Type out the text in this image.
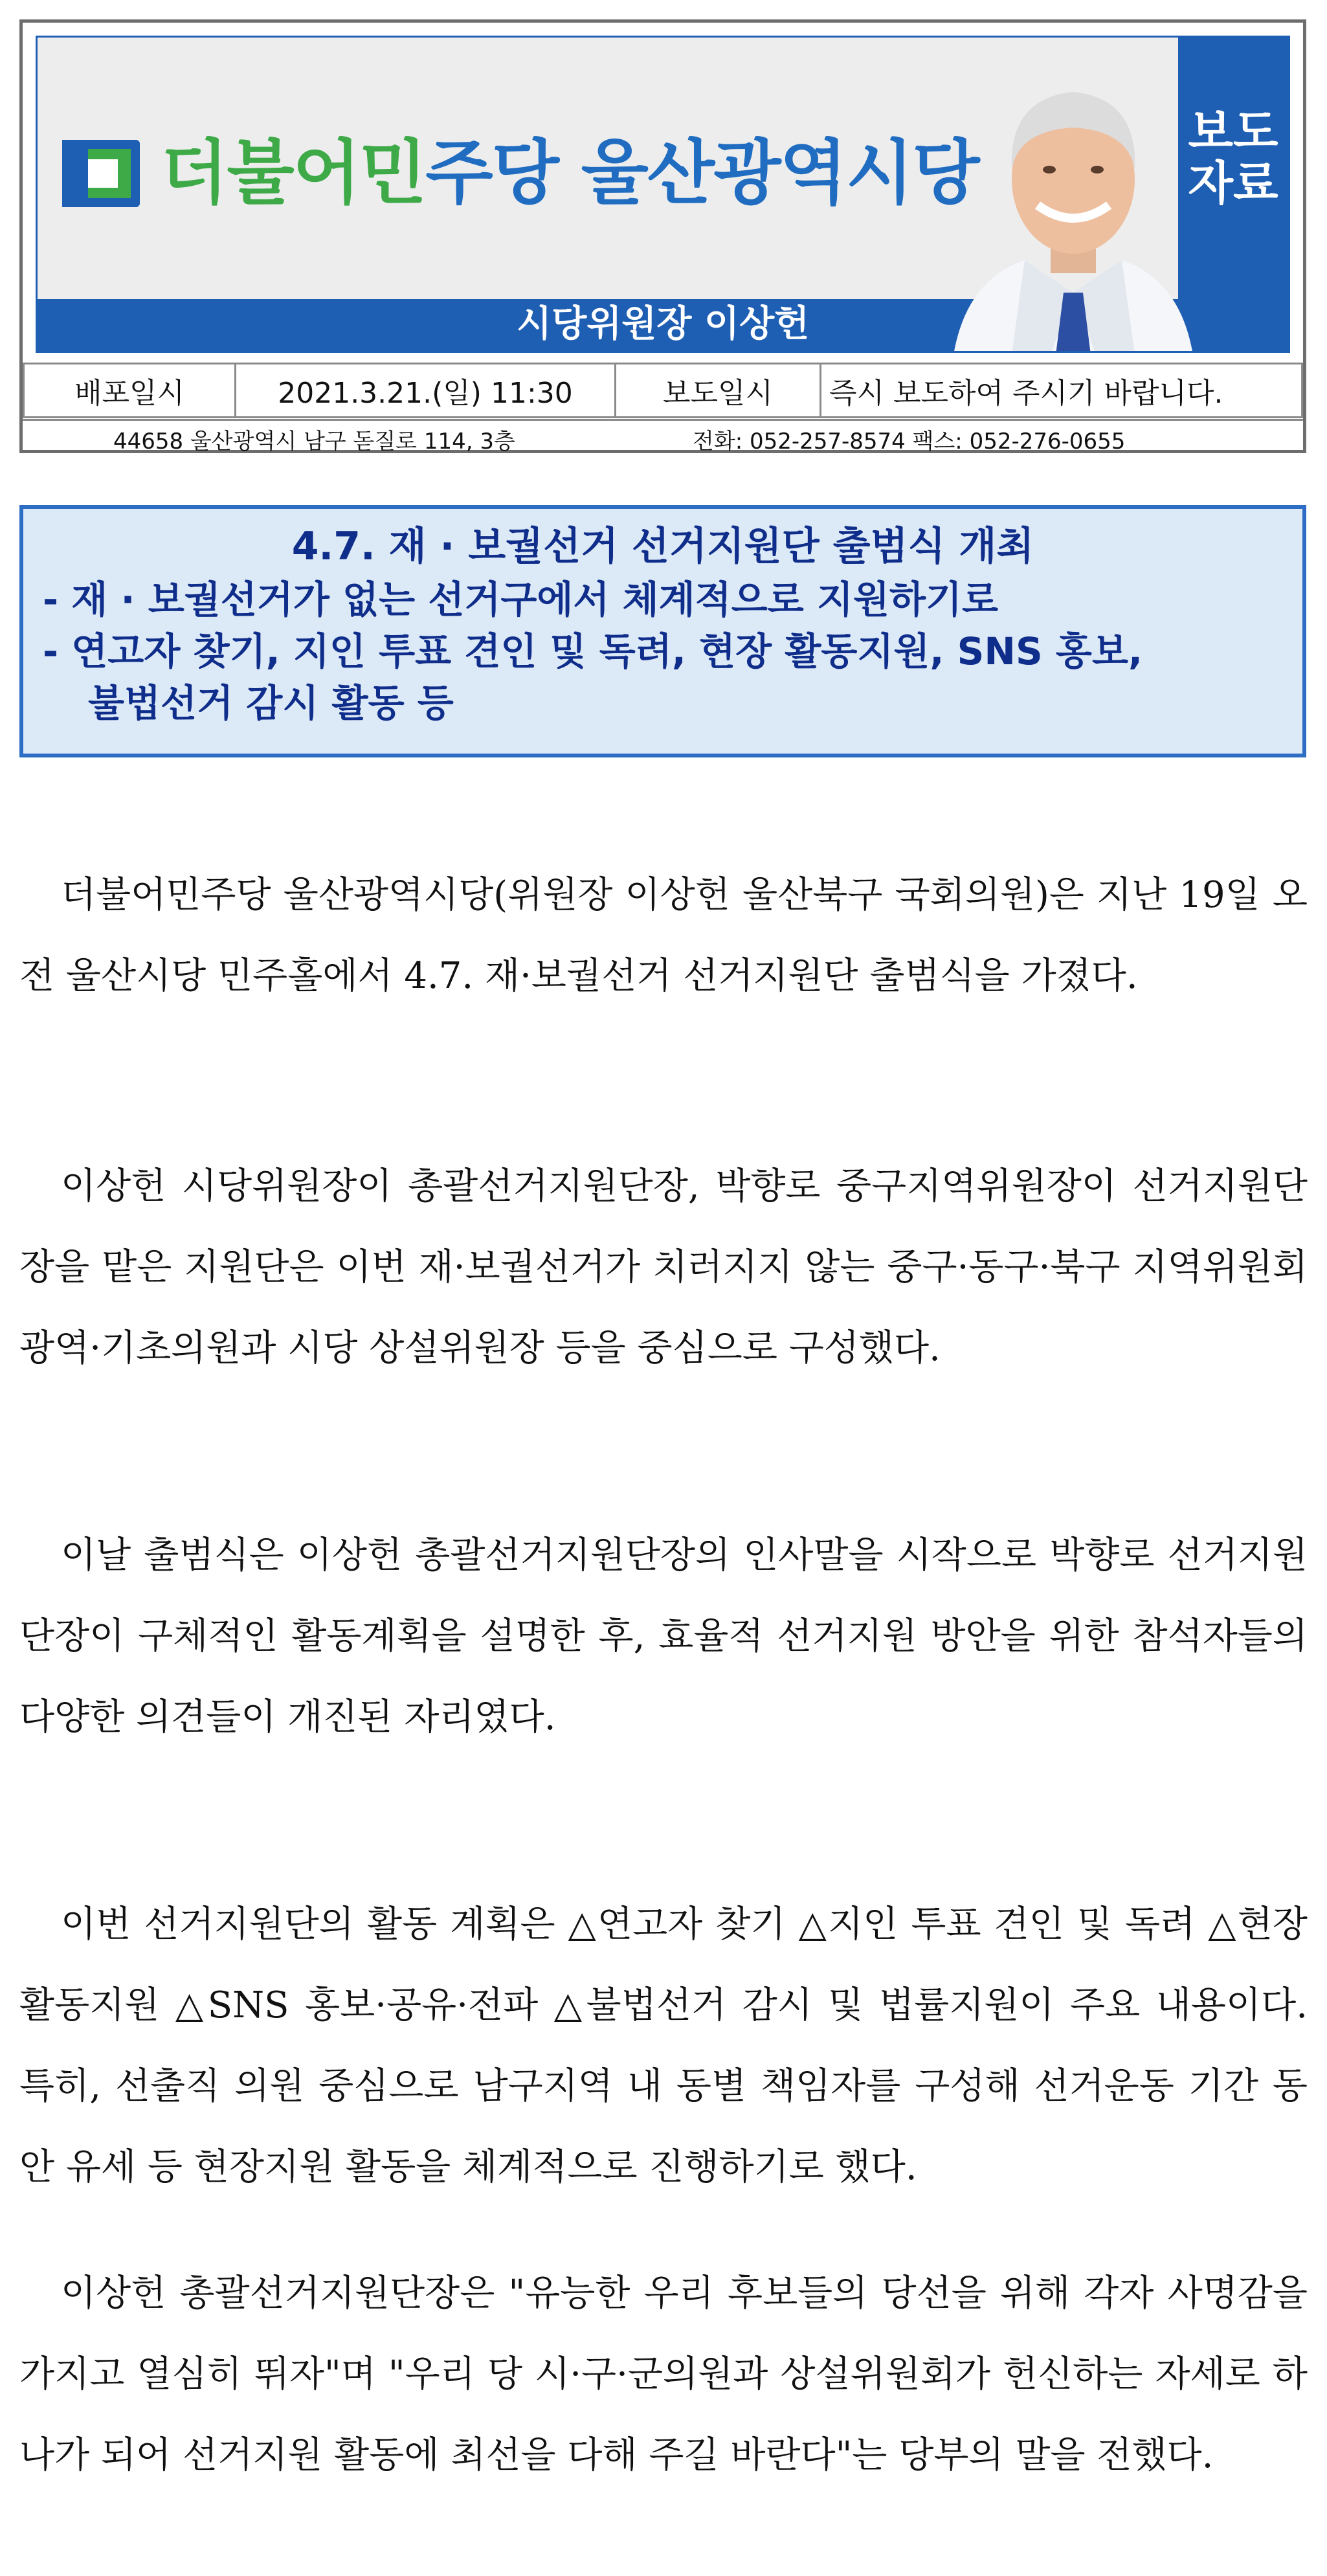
더불어민주당 울산광역시당
시당위원장 이상헌
보도
자료
배포일시	2021.3.21.(일) 11:30	보도일시	즉시 보도하여 주시기 바랍니다.
44658 울산광역시 남구 돋질로 114, 3층	전화: 052-257-8574 팩스: 052-276-0655
4.7. 재 · 보궐선거 선거지원단 출범식 개최
- 재 · 보궐선거가 없는 선거구에서 체계적으로 지원하기로
- 연고자 찾기, 지인 투표 견인 및 독려, 현장 활동지원, SNS 홍보,
불법선거 감시 활동 등

더불어민주당 울산광역시당(위원장 이상헌 울산북구 국회의원)은 지난 19일 오전 울산시당 민주홀에서 4.7. 재·보궐선거 선거지원단 출범식을 가졌다.

이상헌 시당위원장이 총괄선거지원단장, 박향로 중구지역위원장이 선거지원단장을 맡은 지원단은 이번 재·보궐선거가 치러지지 않는 중구·동구·북구 지역위원회 광역·기초의원과 시당 상설위원장 등을 중심으로 구성했다.

이날 출범식은 이상헌 총괄선거지원단장의 인사말을 시작으로 박향로 선거지원단장이 구체적인 활동계획을 설명한 후, 효율적 선거지원 방안을 위한 참석자들의 다양한 의견들이 개진된 자리였다.

이번 선거지원단의 활동 계획은 △연고자 찾기 △지인 투표 견인 및 독려 △현장 활동지원 △SNS 홍보·공유·전파 △불법선거 감시 및 법률지원이 주요 내용이다. 특히, 선출직 의원 중심으로 남구지역 내 동별 책임자를 구성해 선거운동 기간 동안 유세 등 현장지원 활동을 체계적으로 진행하기로 했다.

이상헌 총괄선거지원단장은 "유능한 우리 후보들의 당선을 위해 각자 사명감을 가지고 열심히 뛰자"며 "우리 당 시·구·군의원과 상설위원회가 헌신하는 자세로 하나가 되어 선거지원 활동에 최선을 다해 주길 바란다"는 당부의 말을 전했다.
